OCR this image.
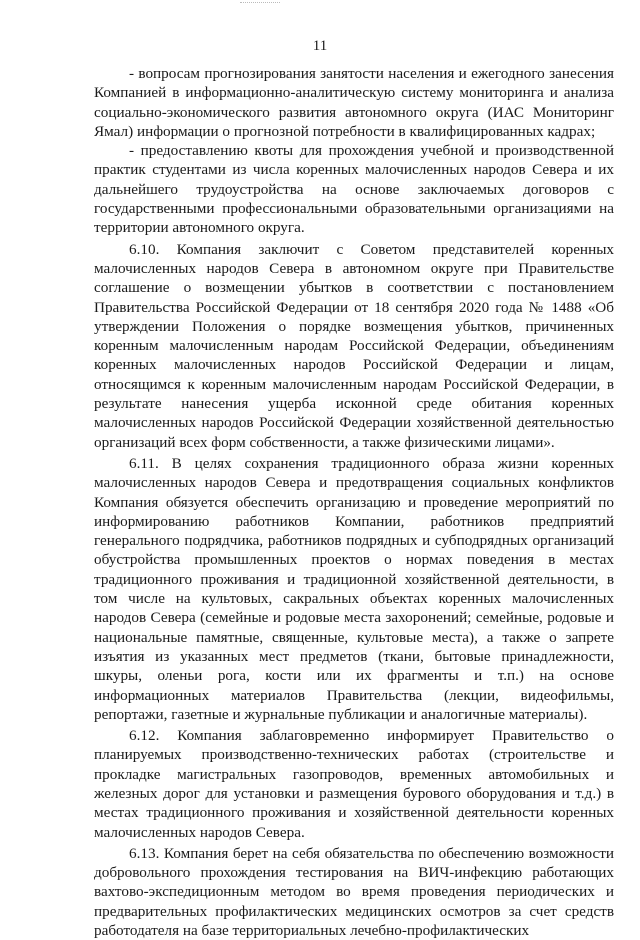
11

- вопросам прогнозирования занятости населения и ежегодного занесения Компанией в информационно-аналитическую систему мониторинга и анализа социально-экономического развития автономного округа (ИАС Мониторинг Ямал) информации о прогнозной потребности в квалифицированных кадрах;

- предоставлению квоты для прохождения учебной и производственной практик студентами из числа коренных малочисленных народов Севера и их дальнейшего трудоустройства на основе заключаемых договоров с государственными профессиональными образовательными организациями на территории автономного округа.

6.10. Компания заключит с Советом представителей коренных малочисленных народов Севера в автономном округе при Правительстве соглашение о возмещении убытков в соответствии с постановлением Правительства Российской Федерации от 18 сентября 2020 года № 1488 «Об утверждении Положения о порядке возмещения убытков, причиненных коренным малочисленным народам Российской Федерации, объединениям коренных малочисленных народов Российской Федерации и лицам, относящимся к коренным малочисленным народам Российской Федерации, в результате нанесения ущерба исконной среде обитания коренных малочисленных народов Российской Федерации хозяйственной деятельностью организаций всех форм собственности, а также физическими лицами».

6.11. В целях сохранения традиционного образа жизни коренных малочисленных народов Севера и предотвращения социальных конфликтов Компания обязуется обеспечить организацию и проведение мероприятий по информированию работников Компании, работников предприятий генерального подрядчика, работников подрядных и субподрядных организаций обустройства промышленных проектов о нормах поведения в местах традиционного проживания и традиционной хозяйственной деятельности, в том числе на культовых, сакральных объектах коренных малочисленных народов Севера (семейные и родовые места захоронений; семейные, родовые и национальные памятные, священные, культовые места), а также о запрете изъятия из указанных мест предметов (ткани, бытовые принадлежности, шкуры, оленьи рога, кости или их фрагменты и т.п.) на основе информационных материалов Правительства (лекции, видеофильмы, репортажи, газетные и журнальные публикации и аналогичные материалы).

6.12. Компания заблаговременно информирует Правительство о планируемых производственно-технических работах (строительстве и прокладке магистральных газопроводов, временных автомобильных и железных дорог для установки и размещения бурового оборудования и т.д.) в местах традиционного проживания и хозяйственной деятельности коренных малочисленных народов Севера.

6.13. Компания берет на себя обязательства по обеспечению возможности добровольного прохождения тестирования на ВИЧ-инфекцию работающих вахтово-экспедиционным методом во время проведения периодических и предварительных профилактических медицинских осмотров за счет средств работодателя на базе территориальных лечебно-профилактических
